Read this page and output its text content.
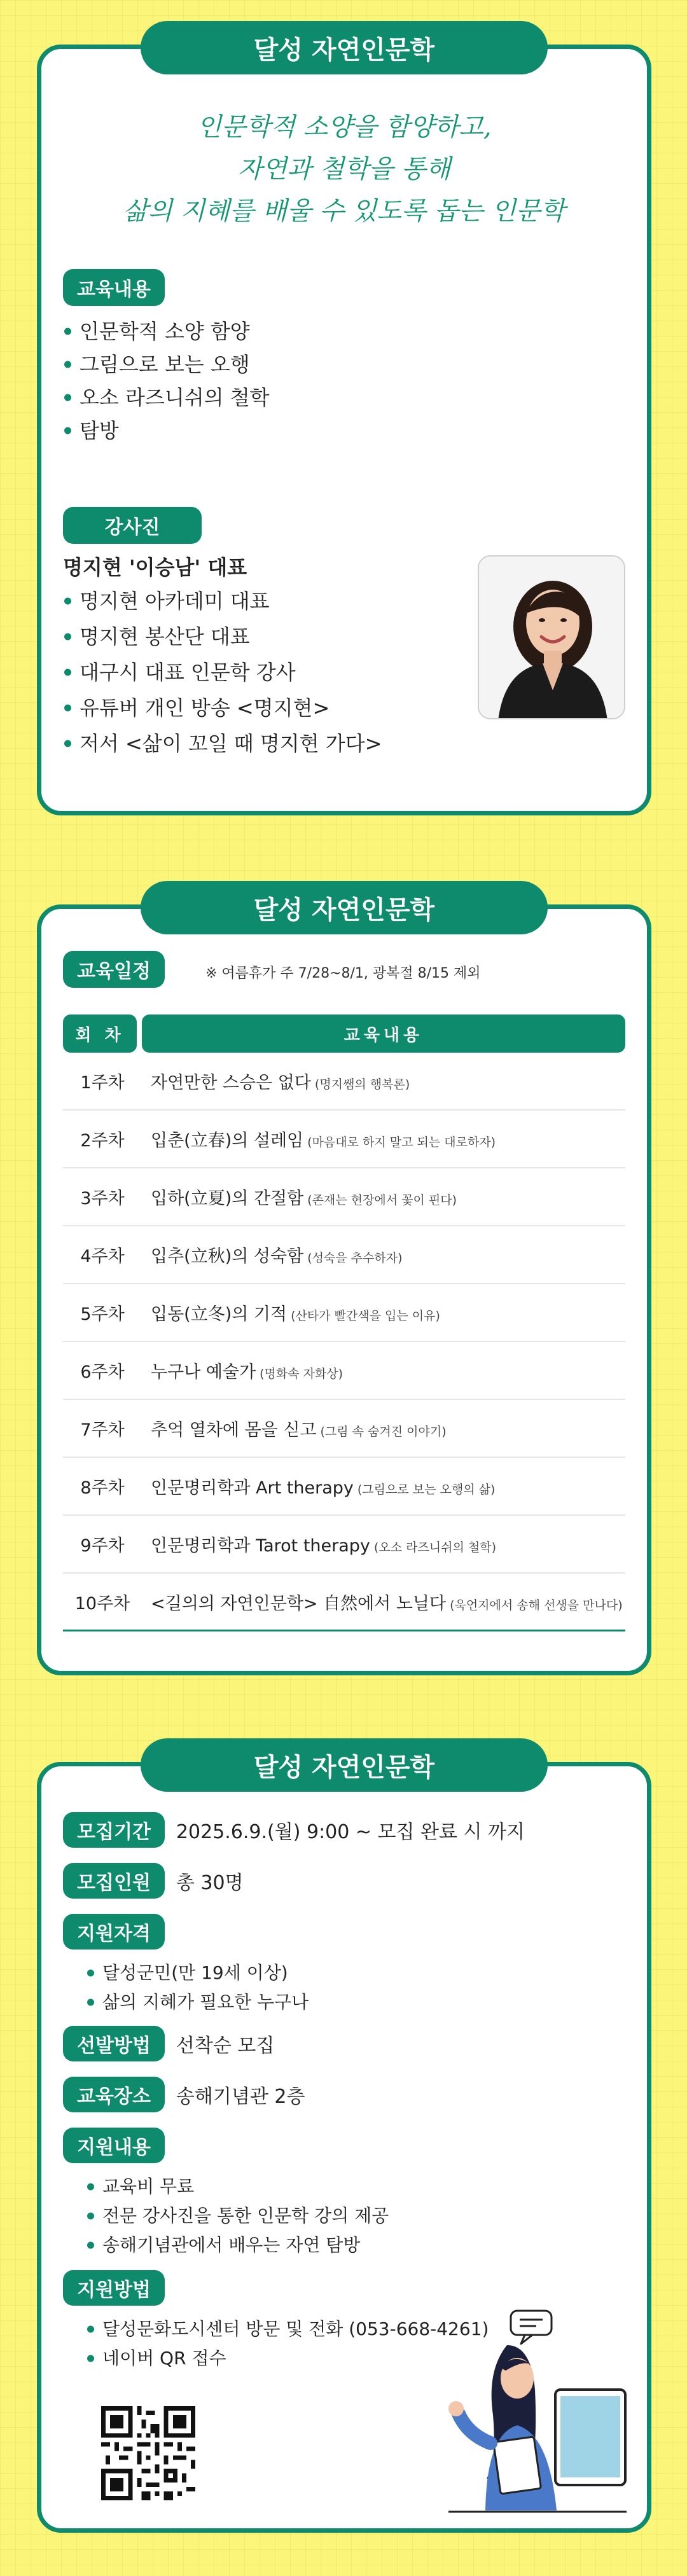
달성 자연인문학
인문학적 소양을 함양하고,
자연과 철학을 통해
삶의 지혜를 배울 수 있도록 돕는 인문학
교육내용
인문학적 소양 함양
그림으로 보는 오행
오소 라즈니쉬의 철학
탐방
강사진
명지현 '이승남' 대표
명지현 아카데미 대표
명지현 봉산단 대표
대구시 대표 인문학 강사
유튜버 개인 방송 <명지현>
저서 <삶이 꼬일 때 명지현 가다>
달성 자연인문학
교육일정	※ 여름휴가 주 7/28~8/1, 광복절 8/15 제외
회 차	교육내용
1주차	자연만한 스승은 없다 (명지쌤의 행복론)
2주차	입춘(立春)의 설레임 (마음대로 하지 말고 되는 대로하자)
3주차	입하(立夏)의 간절함 (존재는 현장에서 꽃이 핀다)
4주차	입추(立秋)의 성숙함 (성숙을 추수하자)
5주차	입동(立冬)의 기적 (산타가 빨간색을 입는 이유)
6주차	누구나 예술가 (명화속 자화상)
7주차	추억 열차에 몸을 싣고 (그림 속 숨겨진 이야기)
8주차	인문명리학과 Art therapy (그림으로 보는 오행의 삶)
9주차	인문명리학과 Tarot therapy (오소 라즈니쉬의 철학)
10주차	<길의의 자연인문학> 自然에서 노닐다 (욱언지에서 송해 선생을 만나다)
달성 자연인문학
모집기간	2025.6.9.(월) 9:00 ~ 모집 완료 시 까지
모집인원	총 30명
지원자격
달성군민(만 19세 이상)
삶의 지혜가 필요한 누구나
선발방법	선착순 모집
교육장소	송해기념관 2층
지원내용
교육비 무료
전문 강사진을 통한 인문학 강의 제공
송해기념관에서 배우는 자연 탐방
지원방법
달성문화도시센터 방문 및 전화 (053-668-4261)
네이버 QR 접수
